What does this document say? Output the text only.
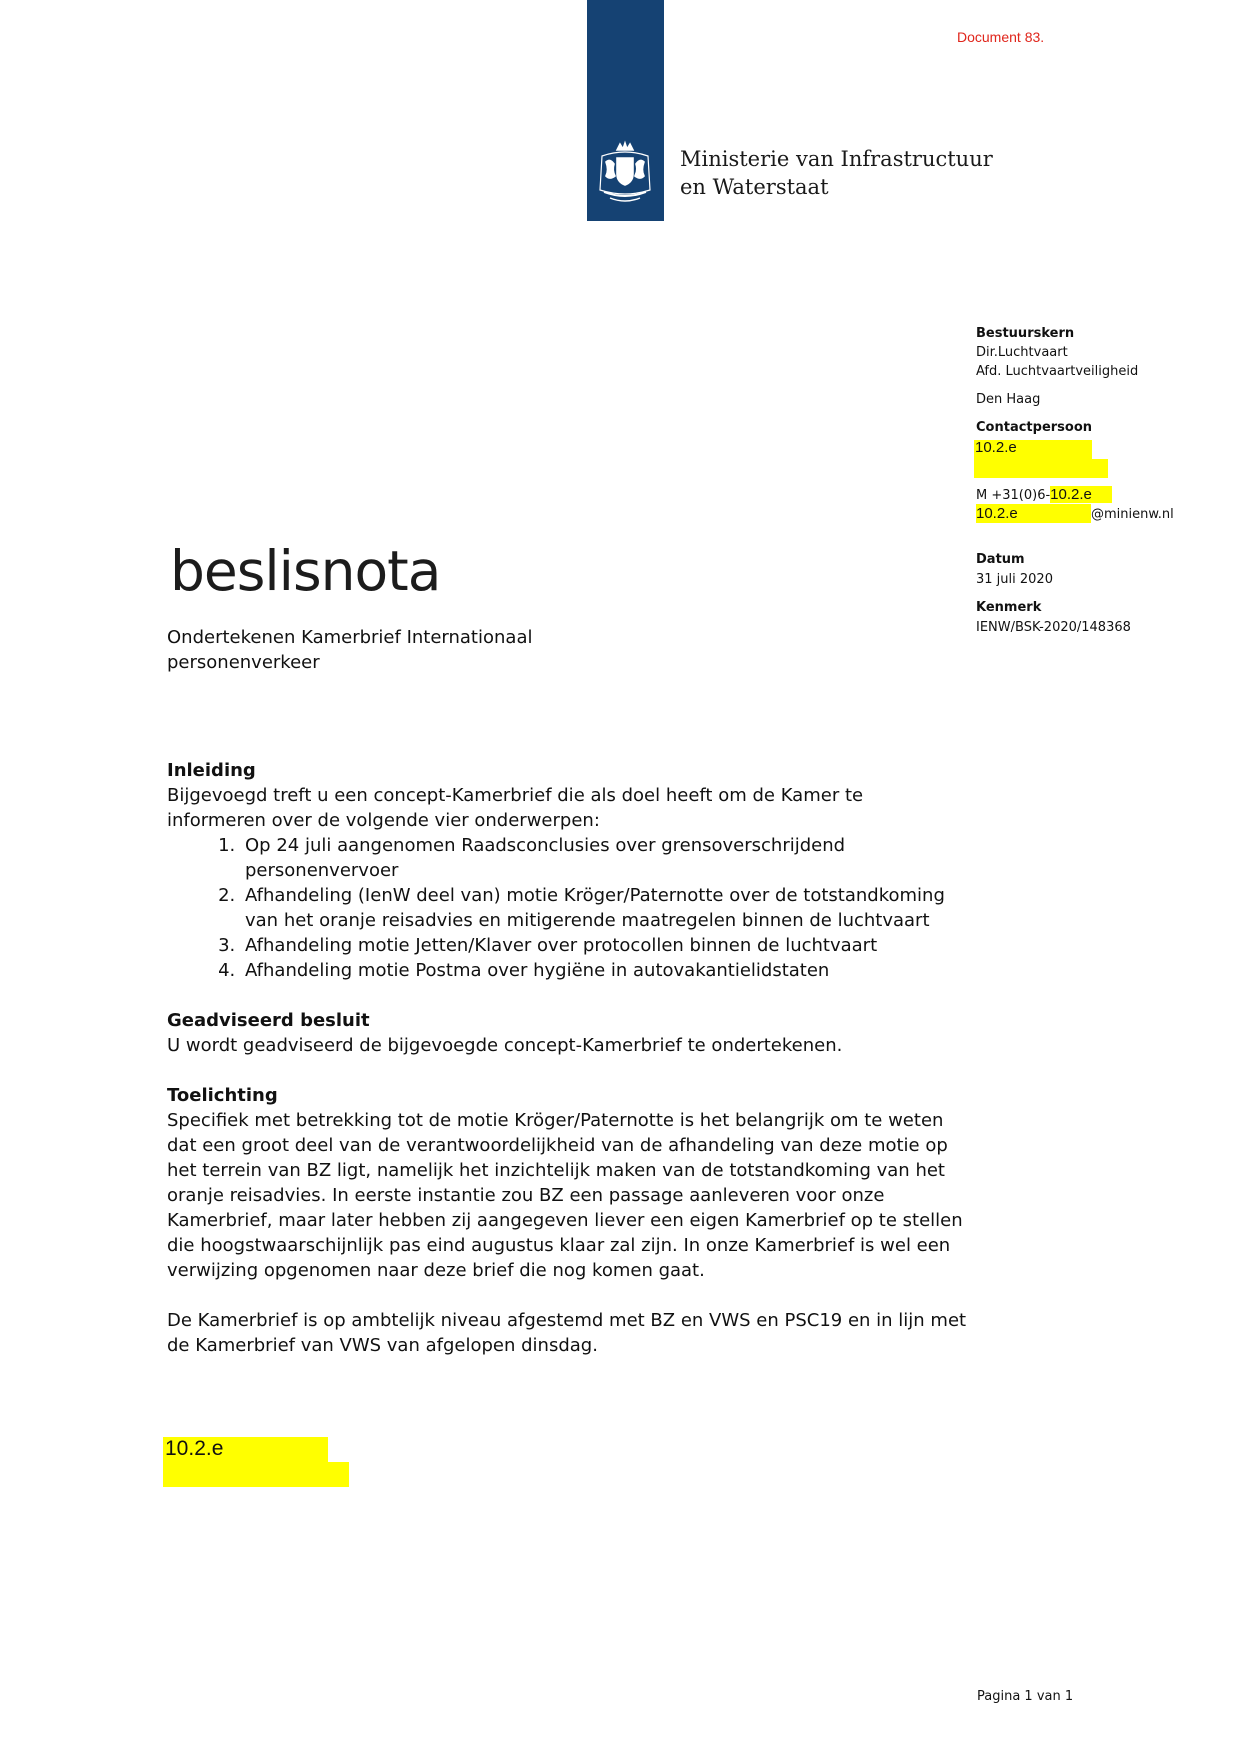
Document 83.
Ministerie van Infrastructuur
en Waterstaat
Bestuurskern
Dir.Luchtvaart
Afd. Luchtvaartveiligheid
Den Haag
Contactpersoon
10.2.e
M +31(0)6-10.2.e
10.2.e	@minienw.nl
Datum
31 juli 2020
Kenmerk
IENW/BSK-2020/148368
beslisnota
Ondertekenen Kamerbrief Internationaal personenverkeer
Inleiding

Bijgevoegd treft u een concept-Kamerbrief die als doel heeft om de Kamer te informeren over de volgende vier onderwerpen:

1. Op 24 juli aangenomen Raadsconclusies over grensoverschrijdend personenvervoer
2. Afhandeling (IenW deel van) motie Kröger/Paternotte over de totstandkoming van het oranje reisadvies en mitigerende maatregelen binnen de luchtvaart
3. Afhandeling motie Jetten/Klaver over protocollen binnen de luchtvaart
4. Afhandeling motie Postma over hygiëne in autovakantielidstaten
Geadviseerd besluit

U wordt geadviseerd de bijgevoegde concept-Kamerbrief te ondertekenen.

Toelichting

Specifiek met betrekking tot de motie Kröger/Paternotte is het belangrijk om te weten dat een groot deel van de verantwoordelijkheid van de afhandeling van deze motie op het terrein van BZ ligt, namelijk het inzichtelijk maken van de totstandkoming van het oranje reisadvies. In eerste instantie zou BZ een passage aanleveren voor onze Kamerbrief, maar later hebben zij aangegeven liever een eigen Kamerbrief op te stellen die hoogstwaarschijnlijk pas eind augustus klaar zal zijn. In onze Kamerbrief is wel een verwijzing opgenomen naar deze brief die nog komen gaat.

De Kamerbrief is op ambtelijk niveau afgestemd met BZ en VWS en PSC19 en in lijn met de Kamerbrief van VWS van afgelopen dinsdag.

10.2.e
Pagina 1 van 1
